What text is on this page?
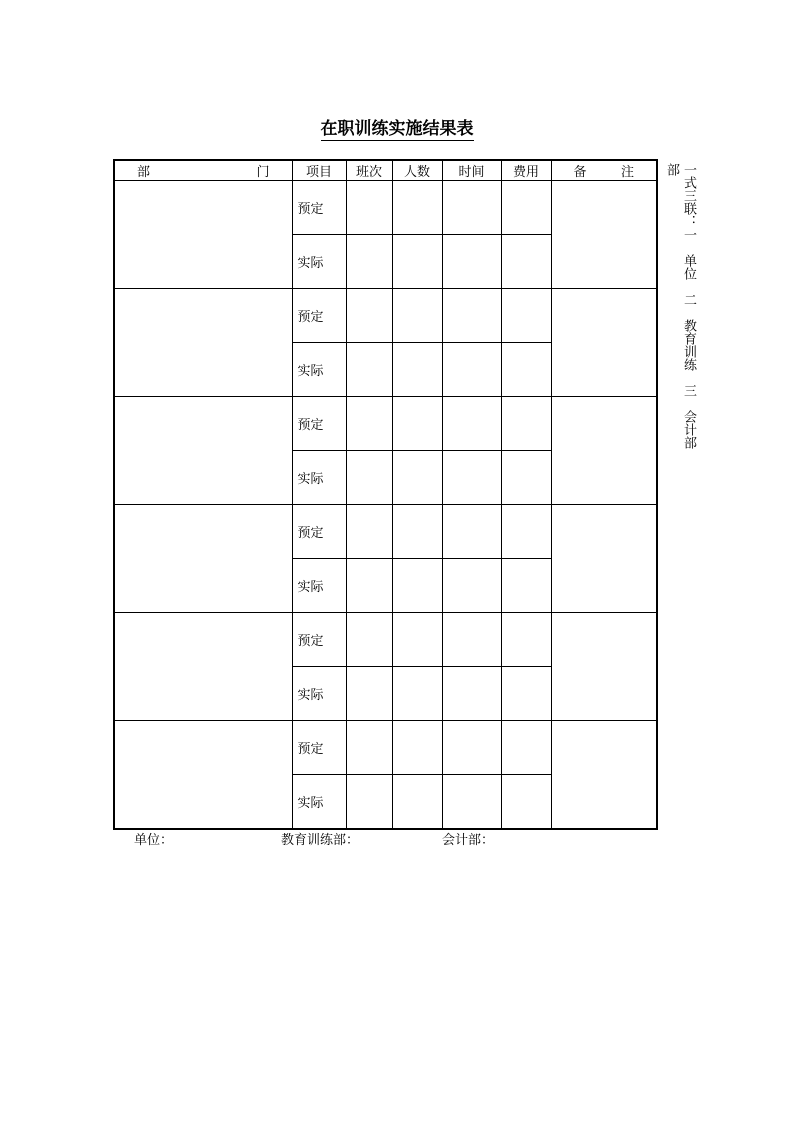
在职训练实施结果表
部 门	项目	班次	人数	时间	费用	备 注

	预定					
	实际					
	预定					
	实际					
	预定					
	实际					
	预定					
	实际					
	预定					
	实际					
	预定					
	实际					
部 一式三联：一　单位　二　教育训练　三　会计部
单位：	教育训练部：	会计部：
